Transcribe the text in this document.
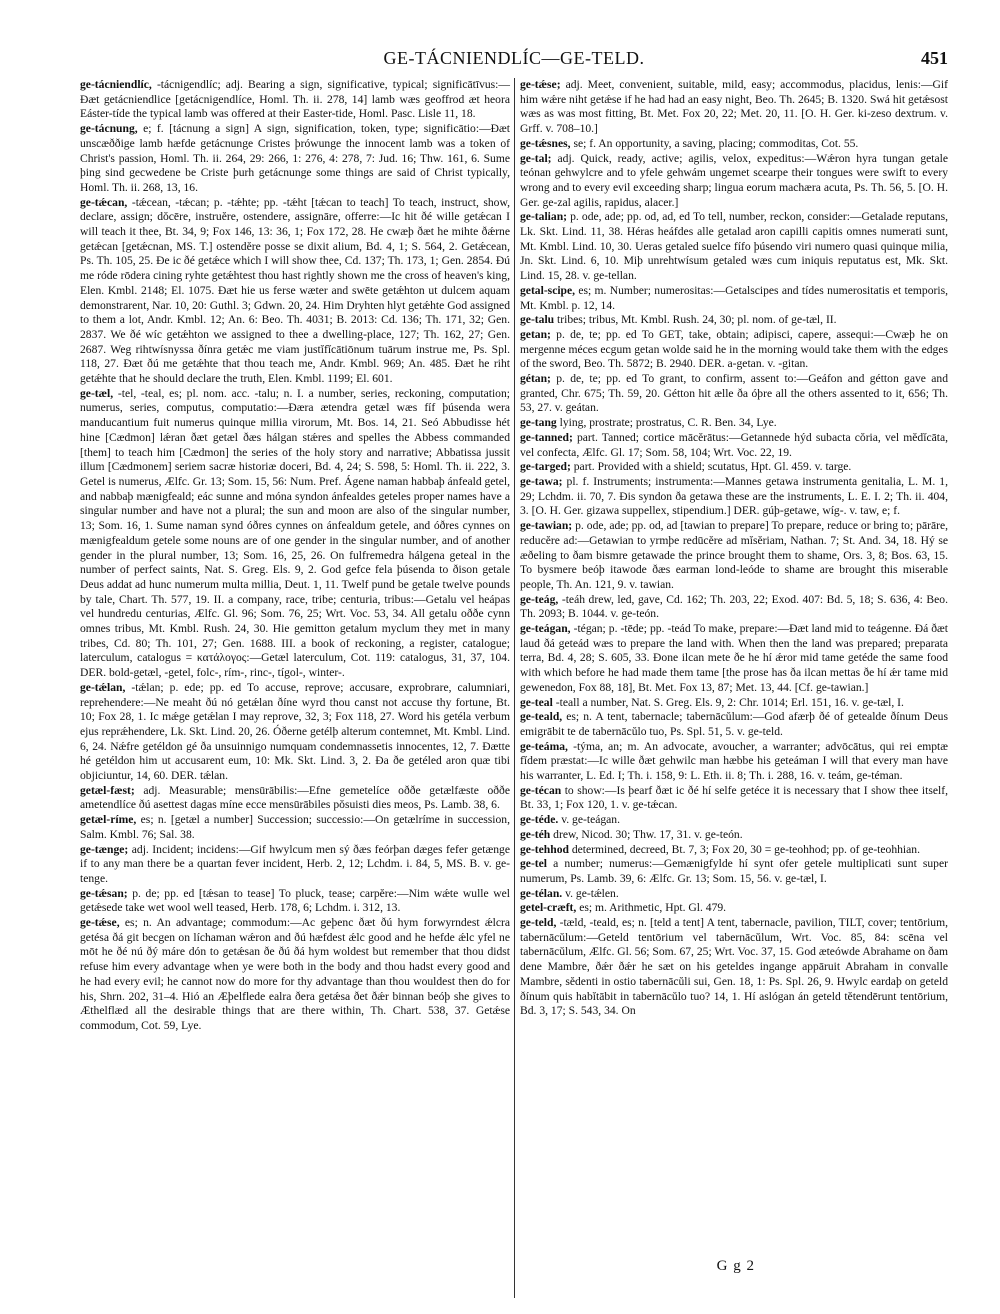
GE-TÁCNIENDLÍC—GE-TELD.	451

ge-tácniendlíc, -tácnigendlíc; adj. Bearing a sign, significative, typical; significātīvus:—Ðæt getácniendlice [getácnigendlíce, Homl. Th. ii. 278, 14] lamb wæs geoffrod æt heora Eáster-tíde the typical lamb was offered at their Easter-tide, Homl. Pasc. Lisle 11, 18.

ge-tácnung, e; f. [tácnung a sign] A sign, signification, token, type; significātio:—Ðæt unscæððige lamb hæfde getácnunge Cristes þrówunge the innocent lamb was a token of Christ's passion, Homl. Th. ii. 264, 29: 266, 1: 276, 4: 278, 7: Jud. 16; Thw. 161, 6. Sume þing sind gecwedene be Criste þurh getácnunge some things are said of Christ typically, Homl. Th. ii. 268, 13, 16.

ge-tǽcan, -tǽcean, -tǽcan; p. -tǽhte; pp. -tǽht [tǽcan to teach] To teach, instruct, show, declare, assign; dŏcēre, instruĕre, ostendere, assignāre, offerre:—Ic hit ðé wille getǽcan I will teach it thee, Bt. 34, 9; Fox 146, 13: 36, 1; Fox 172, 28. He cwæþ ðæt he mihte ðǽrne getǽcan [getǽcnan, MS. T.] ostendĕre posse se dixit alium, Bd. 4, 1; S. 564, 2. Getǽcean, Ps. Th. 105, 25. Ðe ic ðé getǽce which I will show thee, Cd. 137; Th. 173, 1; Gen. 2854. Ðú me róde rōdera cining ryhte getǽhtest thou hast rightly shown me the cross of heaven's king, Elen. Kmbl. 2148; El. 1075. Ðæt hie us ferse wæter and swēte getǽhton ut dulcem aquam demonstrarent, Nar. 10, 20: Guthl. 3; Gdwn. 20, 24. Him Dryhten hlyt getǽhte God assigned to them a lot, Andr. Kmbl. 12; An. 6: Beo. Th. 4031; B. 2013: Cd. 136; Th. 171, 32; Gen. 2837. We ðé wíc getǽhton we assigned to thee a dwelling-place, 127; Th. 162, 27; Gen. 2687. Weg rihtwísnyssa ðínra getǽc me viam justĭfĭcātiōnum tuārum instrue me, Ps. Spl. 118, 27. Ðæt ðú me getǽhte that thou teach me, Andr. Kmbl. 969; An. 485. Ðæt he riht getǽhte that he should declare the truth, Elen. Kmbl. 1199; El. 601.

ge-tæl, -tel, -teal, es; pl. nom. acc. -talu; n. I. a number, series, reckoning, computation; numerus, series, computus, computatio:—Ðæra ætendra getæl wæs fíf þúsenda wera manducantium fuit numerus quinque millia virorum, Mt. Bos. 14, 21. Seó Abbudisse hét hine [Cædmon] lǽran ðæt getæl ðæs hálgan stǽres and spelles the Abbess commanded [them] to teach him [Cædmon] the series of the holy story and narrative; Abbatissa jussit illum [Cædmonem] seriem sacræ historiæ doceri, Bd. 4, 24; S. 598, 5: Homl. Th. ii. 222, 3. Getel is numerus, Ælfc. Gr. 13; Som. 15, 56: Num. Pref. Ágene naman habbaþ ánfeald getel, and nabbaþ mænigfeald; eác sunne and móna syndon ánfealdes geteles proper names have a singular number and have not a plural; the sun and moon are also of the singular number, 13; Som. 16, 1. Sume naman synd óðres cynnes on ánfealdum getele, and óðres cynnes on mænigfealdum getele some nouns are of one gender in the singular number, and of another gender in the plural number, 13; Som. 16, 25, 26. On fulfremedra hálgena geteal in the number of perfect saints, Nat. S. Greg. Els. 9, 2. God gefce fela þúsenda to ðison getale Deus addat ad hunc numerum multa millia, Deut. 1, 11. Twelf pund be getale twelve pounds by tale, Chart. Th. 577, 19. II. a company, race, tribe; centuria, tribus:—Getalu vel heápas vel hundredu centurias, Ælfc. Gl. 96; Som. 76, 25; Wrt. Voc. 53, 34. All getalu oððe cynn omnes tribus, Mt. Kmbl. Rush. 24, 30. Hie gemitton getalum myclum they met in many tribes, Cd. 80; Th. 101, 27; Gen. 1688. III. a book of reckoning, a register, catalogue; laterculum, catalogus = κατάλογος:—Getæl laterculum, Cot. 119: catalogus, 31, 37, 104. DER. bold-getæl, -getel, folc-, rím-, rinc-, tígol-, winter-.

ge-tǽlan, -tǽlan; p. ede; pp. ed To accuse, reprove; accusare, exprobrare, calumniari, reprehendere:—Ne meaht ðú nó getǽlan ðíne wyrd thou canst not accuse thy fortune, Bt. 10; Fox 28, 1. Ic mǽge getǽlan I may reprove, 32, 3; Fox 118, 27. Word his getéla verbum ejus reprǽhendere, Lk. Skt. Lind. 20, 26. Óðerne getélþ alterum contemnet, Mt. Kmbl. Lind. 6, 24. Nǽfre getéldon gé ða unsuinnigo numquam condemnassetis innocentes, 12, 7. Ðætte hé getéldon him ut accusarent eum, 10: Mk. Skt. Lind. 3, 2. Ða ðe getéled aron quæ tibi objiciuntur, 14, 60. DER. tǽlan.

getæl-fæst; adj. Measurable; mensūrābilis:—Efne gemetelíce oððe getælfæste oððe ametendlíce ðú asettest dagas míne ecce mensūrābiles pŏsuisti dies meos, Ps. Lamb. 38, 6.

getæl-ríme, es; n. [getæl a number] Succession; successio:—On getælríme in succession, Salm. Kmbl. 76; Sal. 38.

ge-tænge; adj. Incident; incidens:—Gif hwylcum men sý ðæs feórþan dæges fefer getænge if to any man there be a quartan fever incident, Herb. 2, 12; Lchdm. i. 84, 5, MS. B. v. ge-tenge.

ge-tǽsan; p. de; pp. ed [tǽsan to tease] To pluck, tease; carpĕre:—Nim wǽte wulle wel getǽsede take wet wool well teased, Herb. 178, 6; Lchdm. i. 312, 13.

ge-tǽse, es; n. An advantage; commodum:—Ac geþenc ðæt ðú hym forwyrndest ǽlcra getésa ðá git becgen on líchaman wǽron and ðú hæfdest ǽlc good and he hefde ǽlc yfel ne mōt he ðé nú ðý máre dón to getǽsan ðe ðú ðá hym woldest but remember that thou didst refuse him every advantage when ye were both in the body and thou hadst every good and he had every evil; he cannot now do more for thy advantage than thou wouldest then do for his, Shrn. 202, 31–4. Hió an Æþelflede ealra ðera getǽsa ðet ðǽr binnan beóþ she gives to Æthelflæd all the desirable things that are there within, Th. Chart. 538, 37. Getǽse commodum, Cot. 59, Lye.

ge-tǽse; adj. Meet, convenient, suitable, mild, easy; accommodus, placidus, lenis:—Gif him wǽre niht getǽse if he had had an easy night, Beo. Th. 2645; B. 1320. Swá hit getǽsost wæs as was most fitting, Bt. Met. Fox 20, 22; Met. 20, 11. [O. H. Ger. ki-zeso dextrum. v. Grff. v. 708–10.]

ge-tǽsnes, se; f. An opportunity, a saving, placing; commoditas, Cot. 55.

ge-tal; adj. Quick, ready, active; agilis, velox, expeditus:—Wǽron hyra tungan getale teónan gehwylcre and to yfele gehwám ungemet scearpe their tongues were swift to every wrong and to every evil exceeding sharp; lingua eorum machæra acuta, Ps. Th. 56, 5. [O. H. Ger. ge-zal agilis, rapidus, alacer.]

ge-talian; p. ode, ade; pp. od, ad, ed To tell, number, reckon, consider:—Getalade reputans, Lk. Skt. Lind. 11, 38. Héras heáfdes alle getalad aron capilli capitis omnes numerati sunt, Mt. Kmbl. Lind. 10, 30. Ueras getaled suelce fífo þúsendo viri numero quasi quinque milia, Jn. Skt. Lind. 6, 10. Miþ unrehtwísum getaled wæs cum iniquis reputatus est, Mk. Skt. Lind. 15, 28. v. ge-tellan.

getal-scipe, es; m. Number; numerositas:—Getalscipes and tídes numerositatis et temporis, Mt. Kmbl. p. 12, 14.

ge-talu tribes; tribus, Mt. Kmbl. Rush. 24, 30; pl. nom. of ge-tæl, II.

getan; p. de, te; pp. ed To GET, take, obtain; adipisci, capere, assequi:—Cwæþ he on mergenne méces ecgum getan wolde said he in the morning would take them with the edges of the sword, Beo. Th. 5872; B. 2940. DER. a-getan. v. -gitan.

gétan; p. de, te; pp. ed To grant, to confirm, assent to:—Geáfon and gétton gave and granted, Chr. 675; Th. 59, 20. Gétton hit ælle ða óþre all the others assented to it, 656; Th. 53, 27. v. geátan.

ge-tang lying, prostrate; prostratus, C. R. Ben. 34, Lye.

ge-tanned; part. Tanned; cortice mācĕrātus:—Getannede hýd subacta cŏria, vel mĕdĭcāta, vel confecta, Ælfc. Gl. 17; Som. 58, 104; Wrt. Voc. 22, 19.

ge-targed; part. Provided with a shield; scutatus, Hpt. Gl. 459. v. targe.

ge-tawa; pl. f. Instruments; instrumenta:—Mannes getawa instrumenta genitalia, L. M. 1, 29; Lchdm. ii. 70, 7. Ðis syndon ða getawa these are the instruments, L. E. I. 2; Th. ii. 404, 3. [O. H. Ger. gizawa suppellex, stipendium.] DER. gúþ-getawe, wíg-. v. taw, e; f.

ge-tawian; p. ode, ade; pp. od, ad [tawian to prepare] To prepare, reduce or bring to; pārāre, reducĕre ad:—Getawian to yrmþe redūcĕre ad mĭsĕriam, Nathan. 7; St. And. 34, 18. Hý se æðeling to ðam bismre getawade the prince brought them to shame, Ors. 3, 8; Bos. 63, 15. To bysmere beóþ itawode ðæs earman lond-leóde to shame are brought this miserable people, Th. An. 121, 9. v. tawian.

ge-teág, -teáh drew, led, gave, Cd. 162; Th. 203, 22; Exod. 407: Bd. 5, 18; S. 636, 4: Beo. Th. 2093; B. 1044. v. ge-teón.

ge-teágan, -tégan; p. -tēde; pp. -teád To make, prepare:—Ðæt land mid to teágenne. Ðá ðæt laud ðá geteád wæs to prepare the land with. When then the land was prepared; preparata terra, Bd. 4, 28; S. 605, 33. Ðone ilcan mete ðe he hí ǽror mid tame getéde the same food with which before he had made them tame [the prose has ða ilcan mettas ðe hí ǽr tame mid gewenedon, Fox 88, 18], Bt. Met. Fox 13, 87; Met. 13, 44. [Cf. ge-tawian.]

ge-teal -teall a number, Nat. S. Greg. Els. 9, 2: Chr. 1014; Erl. 151, 16. v. ge-tæl, I.

ge-teald, es; n. A tent, tabernacle; tabernācŭlum:—God afærþ ðé of getealde ðínum Deus emigrābit te de tabernācŭlo tuo, Ps. Spl. 51, 5. v. ge-teld.

ge-teáma, -týma, an; m. An advocate, avoucher, a warranter; advōcātus, qui rei emptæ fĭdem præstat:—Ic wille ðæt gehwilc man hæbbe his geteáman I will that every man have his warranter, L. Ed. I; Th. i. 158, 9: L. Eth. ii. 8; Th. i. 288, 16. v. teám, ge-téman.

ge-técan to show:—Is þearf ðæt ic ðé hí selfe getéce it is necessary that I show thee itself, Bt. 33, 1; Fox 120, 1. v. ge-tǽcan.

ge-téde. v. ge-teágan.

ge-téh drew, Nicod. 30; Thw. 17, 31. v. ge-teón.

ge-tehhod determined, decreed, Bt. 7, 3; Fox 20, 30 = ge-teohhod; pp. of ge-teohhian.

ge-tel a number; numerus:—Gemænigfylde hí synt ofer getele multiplicati sunt super numerum, Ps. Lamb. 39, 6: Ælfc. Gr. 13; Som. 15, 56. v. ge-tæl, I.

ge-télan. v. ge-tǽlen.

getel-cræft, es; m. Arithmetic, Hpt. Gl. 479.

ge-teld, -tæld, -teald, es; n. [teld a tent] A tent, tabernacle, pavilion, TILT, cover; tentōrium, tabernācŭlum:—Geteld tentōrium vel tabernācŭlum, Wrt. Voc. 85, 84: scēna vel tabernācŭlum, Ælfc. Gl. 56; Som. 67, 25; Wrt. Voc. 37, 15. God æteówde Abrahame on ðam dene Mambre, ðǽr ðǽr he sæt on his geteldes ingange appāruit Abraham in convalle Mambre, sĕdenti in ostio tabernācŭli sui, Gen. 18, 1: Ps. Spl. 26, 9. Hwylc eardaþ on geteld ðínum quis habĭtābit in tabernācŭlo tuo? 14, 1. Hí aslógan án geteld tĕtendērunt tentōrium, Bd. 3, 17; S. 543, 34. On

G g 2
